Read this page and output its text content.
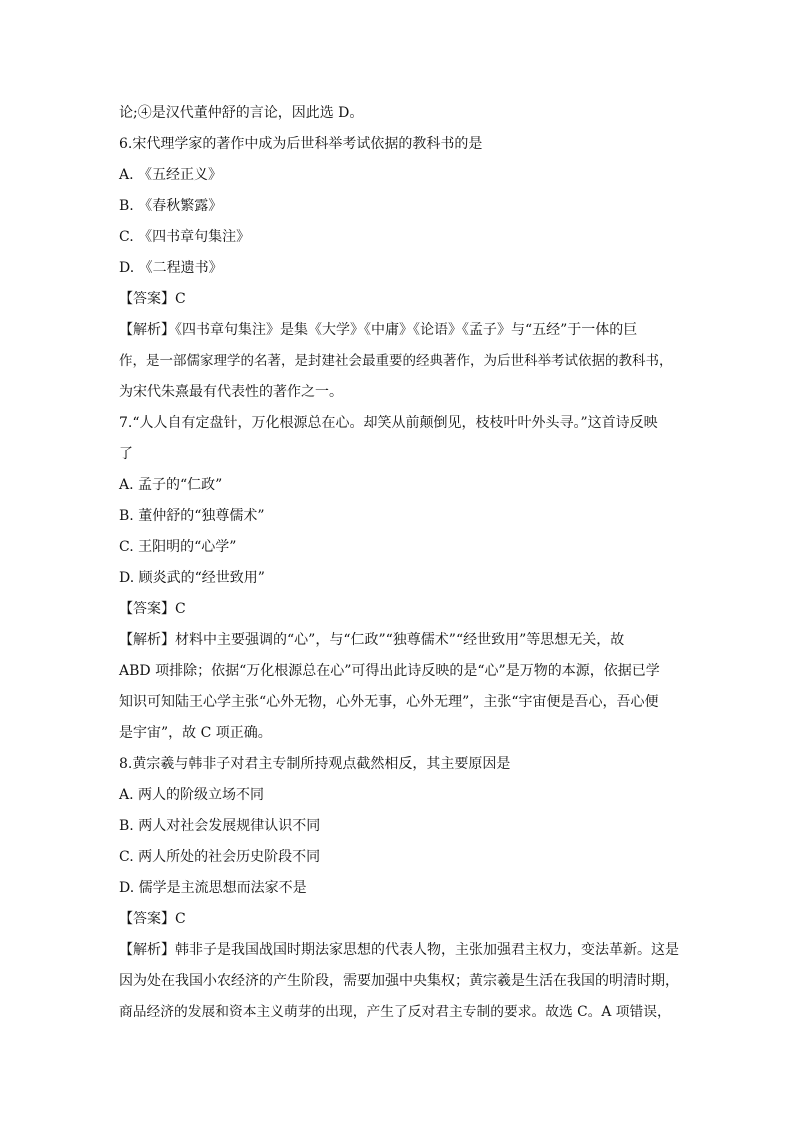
论;④是汉代董仲舒的言论，因此选 D。
6.宋代理学家的著作中成为后世科举考试依据的教科书的是
A. 《五经正义》
B. 《春秋繁露》
C. 《四书章句集注》
D. 《二程遗书》
【答案】C
【解析】《四书章句集注》是集《大学》《中庸》《论语》《孟子》与“五经”于一体的巨
作，是一部儒家理学的名著，是封建社会最重要的经典著作，为后世科举考试依据的教科书，
为宋代朱熹最有代表性的著作之一。
7.“人人自有定盘针，万化根源总在心。却笑从前颠倒见，枝枝叶叶外头寻。”这首诗反映
了
A. 孟子的“仁政”
B. 董仲舒的“独尊儒术”
C. 王阳明的“心学”
D. 顾炎武的“经世致用”
【答案】C
【解析】材料中主要强调的“心”，与“仁政”“独尊儒术”“经世致用”等思想无关，故
ABD 项排除；依据“万化根源总在心”可得出此诗反映的是“心”是万物的本源，依据已学
知识可知陆王心学主张“心外无物，心外无事，心外无理”，主张“宇宙便是吾心，吾心便
是宇宙”，故 C 项正确。
8.黄宗羲与韩非子对君主专制所持观点截然相反，其主要原因是
A. 两人的阶级立场不同
B. 两人对社会发展规律认识不同
C. 两人所处的社会历史阶段不同
D. 儒学是主流思想而法家不是
【答案】C
【解析】韩非子是我国战国时期法家思想的代表人物，主张加强君主权力，变法革新。这是
因为处在我国小农经济的产生阶段，需要加强中央集权；黄宗羲是生活在我国的明清时期，
商品经济的发展和资本主义萌芽的出现，产生了反对君主专制的要求。故选 C。A 项错误，
